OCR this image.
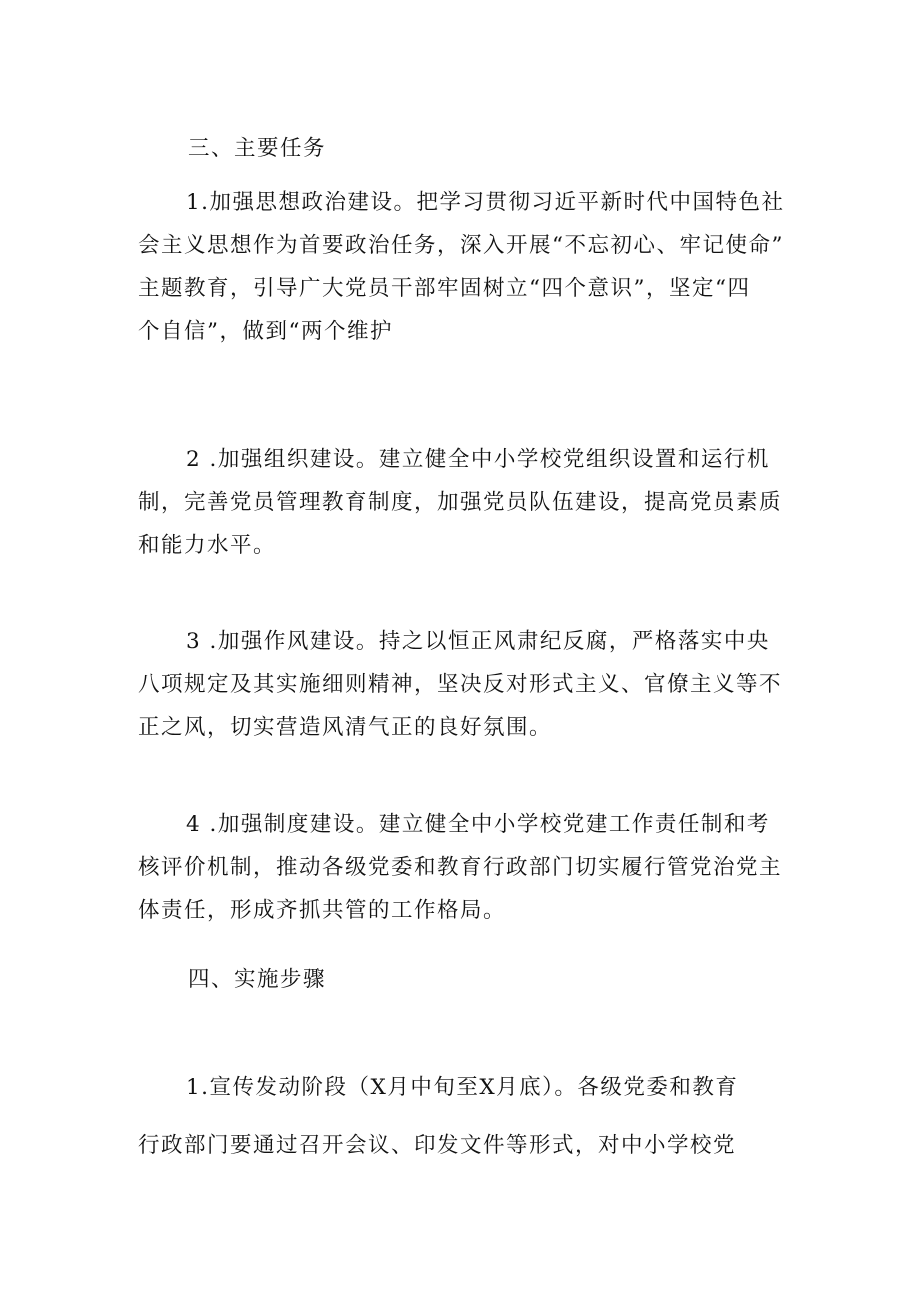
三、主要任务

1.加强思想政治建设。把学习贯彻习近平新时代中国特色社
会主义思想作为首要政治任务，深入开展“不忘初心、牢记使命”
主题教育，引导广大党员干部牢固树立“四个意识”，坚定“四
个自信”，做到“两个维护
2 .加强组织建设。建立健全中小学校党组织设置和运行机
制，完善党员管理教育制度，加强党员队伍建设，提高党员素质
和能力水平。
3 .加强作风建设。持之以恒正风肃纪反腐，严格落实中央
八项规定及其实施细则精神，坚决反对形式主义、官僚主义等不
正之风，切实营造风清气正的良好氛围。
4 .加强制度建设。建立健全中小学校党建工作责任制和考
核评价机制，推动各级党委和教育行政部门切实履行管党治党主
体责任，形成齐抓共管的工作格局。

四、实施步骤

1.宣传发动阶段（X月中旬至X月底）。各级党委和教育
行政部门要通过召开会议、印发文件等形式，对中小学校党
